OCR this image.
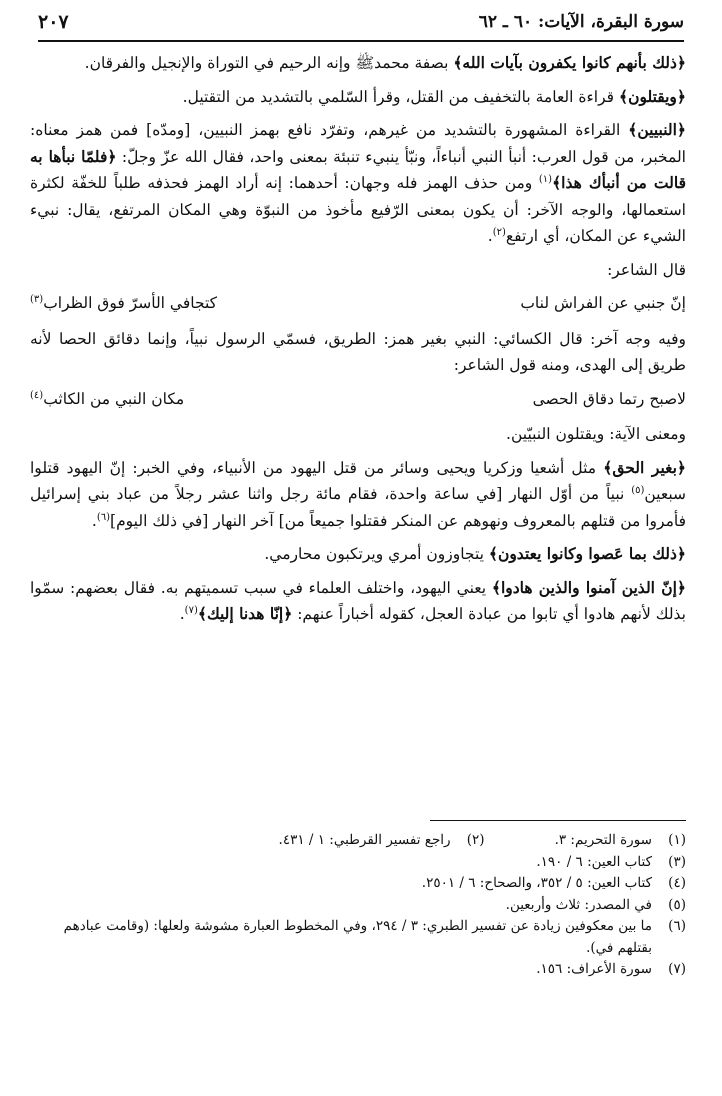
سورة البقرة، الآيات: ٦٠ ـ ٦٢
٢٠٧

﴿ذلك بأنهم كانوا يكفرون بآيات الله﴾ بصفة محمدﷺ وإنه الرحيم في التوراة والإنجيل والفرقان.

﴿ويقتلون﴾ قراءة العامة بالتخفيف من القتل، وقرأ السّلمي بالتشديد من التقتيل.

﴿النبيين﴾ القراءة المشهورة بالتشديد من غيرهم، وتفرّد نافع بهمز النبيين، [ومدّه] فمن همز معناه: المخبر، من قول العرب: أنبأ النبي أنباءاً، ونبّأ ينبيء تنبئة بمعنى واحد، فقال الله عزّ وجلّ: ﴿فلمّا نبأها به قالت من أنبأك هذا﴾$^{(١)}$ ومن حذف الهمز فله وجهان: أحدهما: إنه أراد الهمز فحذفه طلباً للخفّة لكثرة استعمالها، والوجه الآخر: أن يكون بمعنى الرّفيع مأخوذ من النبوّة وهي المكان المرتفع، يقال: نبيء الشيء عن المكان، أي ارتفع$^{(٢)}$.

قال الشاعر:

إنّ جنبي عن الفراش لناب
كتجافي الأسرّ فوق الظراب$^{(٣)}$

وفيه وجه آخر: قال الكسائي: النبي بغير همز: الطريق، فسمّي الرسول نبياً، وإنما دقائق الحصا لأنه طريق إلى الهدى، ومنه قول الشاعر:

لاصبح رتما دقاق الحصى
مكان النبي من الكاثب$^{(٤)}$

ومعنى الآية: ويقتلون النبيّين.

﴿بغير الحق﴾ مثل أشعيا وزكريا ويحيى وسائر من قتل اليهود من الأنبياء، وفي الخبر: إنّ اليهود قتلوا سبعين$^{(٥)}$ نبياً من أوّل النهار [في ساعة واحدة، فقام مائة رجل واثنا عشر رجلاً من عباد بني إسرائيل فأمروا من قتلهم بالمعروف ونهوهم عن المنكر فقتلوا جميعاً من] آخر النهار [في ذلك اليوم]$^{(٦)}$.

﴿ذلك بما عَصوا وكانوا يعتدون﴾ يتجاوزون أمري ويرتكبون محارمي.

﴿إنّ الذين آمنوا والذين هادوا﴾ يعني اليهود، واختلف العلماء في سبب تسميتهم به. فقال بعضهم: سمّوا بذلك لأنهم هادوا أي تابوا من عبادة العجل، كقوله أخباراً عنهم: ﴿إنّا هدنا إليك﴾$^{(٧)}$.

(١)
سورة التحريم: ٣.
(٢)
راجع تفسير القرطبي: ١ / ٤٣١.
(٣)
كتاب العين: ٦ / ١٩٠.
(٤)
كتاب العين: ٥ / ٣٥٢، والصحاح: ٦ / ٢٥٠١.
(٥)
في المصدر: ثلاث وأربعين.
(٦)
ما بين معكوفين زيادة عن تفسير الطبري: ٣ / ٢٩٤، وفي المخطوط العبارة مشوشة ولعلها: (وقامت عبادهم بقتلهم في).
(٧)
سورة الأعراف: ١٥٦.
